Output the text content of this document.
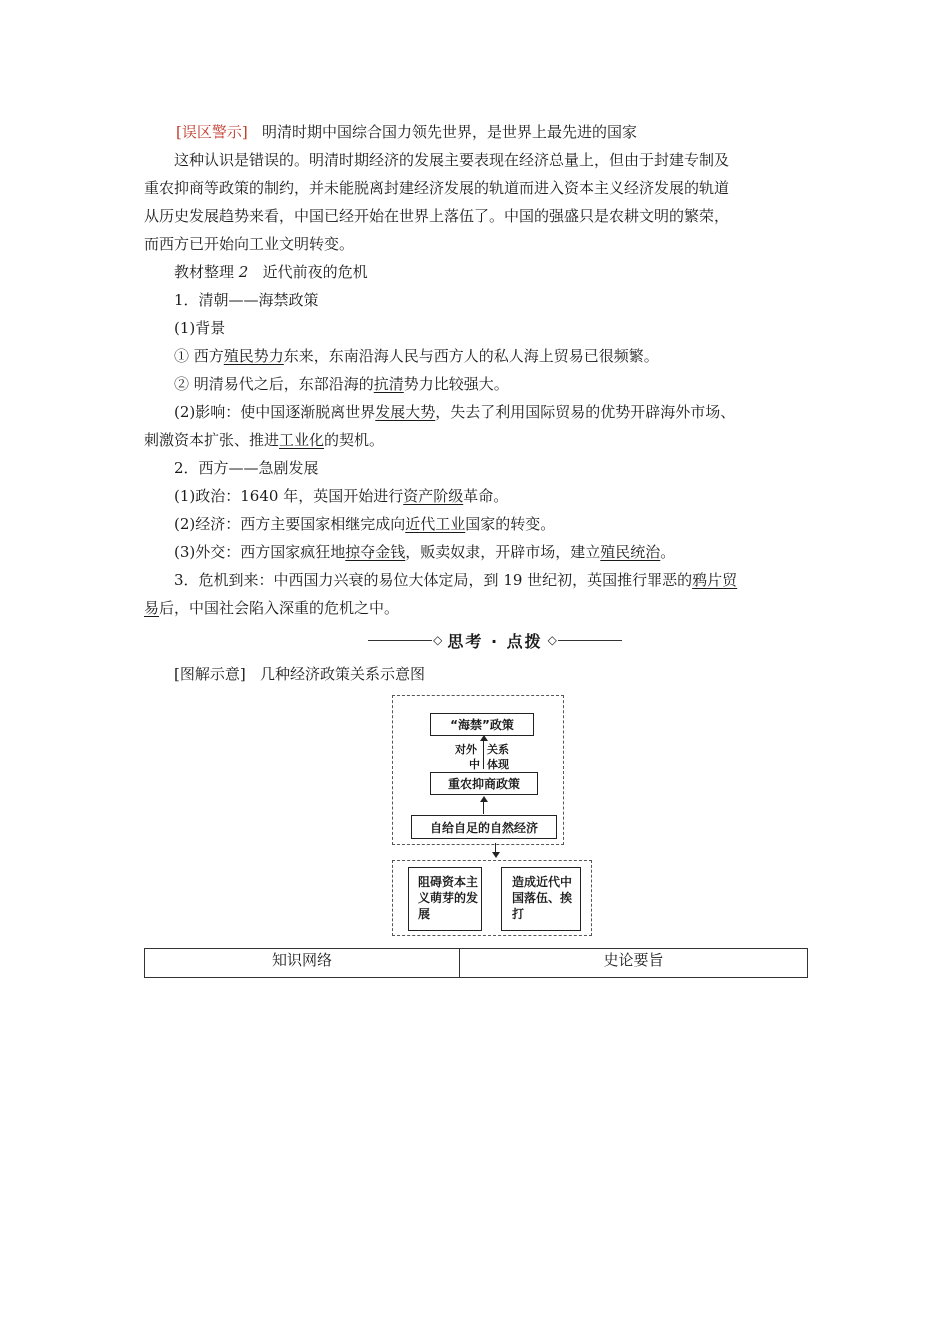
[误区警示] 明清时期中国综合国力领先世界，是世界上最先进的国家
这种认识是错误的。明清时期经济的发展主要表现在经济总量上，但由于封建专制及
重农抑商等政策的制约，并未能脱离封建经济发展的轨道而进入资本主义经济发展的轨道
从历史发展趋势来看，中国已经开始在世界上落伍了。中国的强盛只是农耕文明的繁荣，
而西方已开始向工业文明转变。
教材整理 2 近代前夜的危机
1．清朝——海禁政策
(1)背景
① 西方殖民势力东来，东南沿海人民与西方人的私人海上贸易已很频繁。
② 明清易代之后，东部沿海的抗清势力比较强大。
(2)影响：使中国逐渐脱离世界发展大势，失去了利用国际贸易的优势开辟海外市场、
刺激资本扩张、推进工业化的契机。
2．西方——急剧发展
(1)政治：1640 年，英国开始进行资产阶级革命。
(2)经济：西方主要国家相继完成向近代工业国家的转变。
(3)外交：西方国家疯狂地掠夺金钱，贩卖奴隶，开辟市场，建立殖民统治。
3．危机到来：中西国力兴衰的易位大体定局，到 19 世纪初，英国推行罪恶的鸦片贸
易后，中国社会陷入深重的危机之中。
◇ 思考 · 点拨 ◇
[图解示意] 几种经济政策关系示意图
“海禁”政策
对外 关系
中 体现
重农抑商政策
自给自足的自然经济
阻碍资本主义萌芽的发展
造成近代中国落伍、挨打
知识网络	史论要旨
